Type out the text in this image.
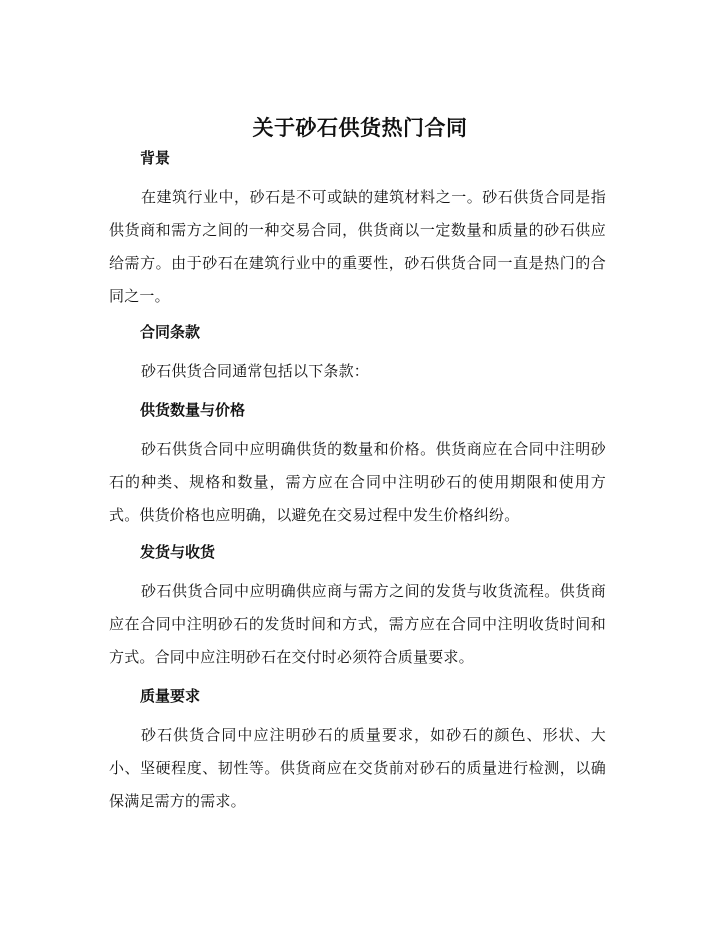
关于砂石供货热门合同
背景

在建筑行业中，砂石是不可或缺的建筑材料之一。砂石供货合同是指供货商和需方之间的一种交易合同，供货商以一定数量和质量的砂石供应给需方。由于砂石在建筑行业中的重要性，砂石供货合同一直是热门的合同之一。

合同条款

砂石供货合同通常包括以下条款：

供货数量与价格

砂石供货合同中应明确供货的数量和价格。供货商应在合同中注明砂石的种类、规格和数量，需方应在合同中注明砂石的使用期限和使用方式。供货价格也应明确，以避免在交易过程中发生价格纠纷。

发货与收货

砂石供货合同中应明确供应商与需方之间的发货与收货流程。供货商应在合同中注明砂石的发货时间和方式，需方应在合同中注明收货时间和方式。合同中应注明砂石在交付时必须符合质量要求。

质量要求

砂石供货合同中应注明砂石的质量要求，如砂石的颜色、形状、大小、坚硬程度、韧性等。供货商应在交货前对砂石的质量进行检测，以确保满足需方的需求。
